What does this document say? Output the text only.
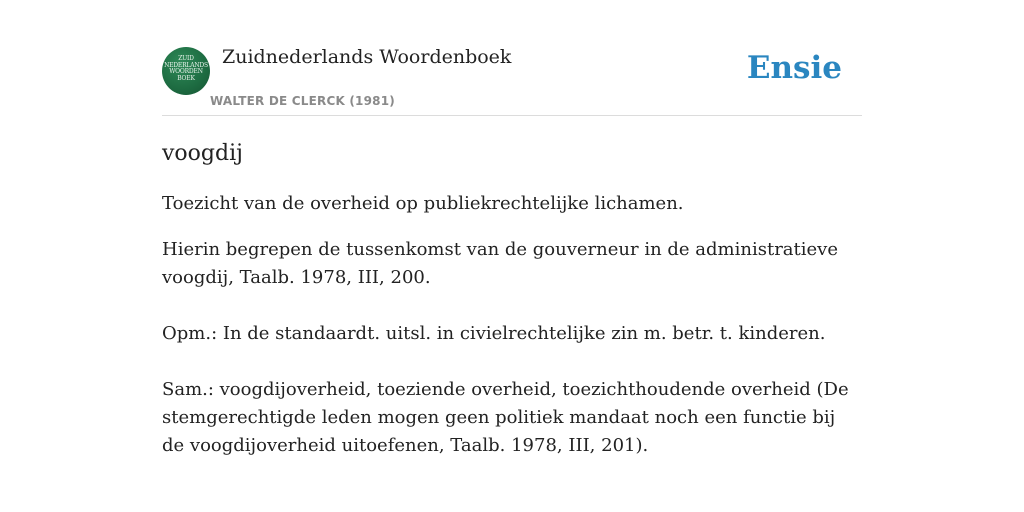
ZUID NEDERLANDS WOORDEN BOEK
Zuidnederlands Woordenboek
WALTER DE CLERCK (1981)
Ensie
voogdij

Toezicht van de overheid op publiekrechtelijke lichamen.

Hierin begrepen de tussenkomst van de gouverneur in de administratieve voogdij, Taalb. 1978, III, 200.

Opm.: In de standaardt. uitsl. in civielrechtelijke zin m. betr. t. kinderen.

Sam.: voogdijoverheid, toeziende overheid, toezichthoudende overheid (De stemgerechtigde leden mogen geen politiek mandaat noch een functie bij de voogdijoverheid uitoefenen, Taalb. 1978, III, 201).
